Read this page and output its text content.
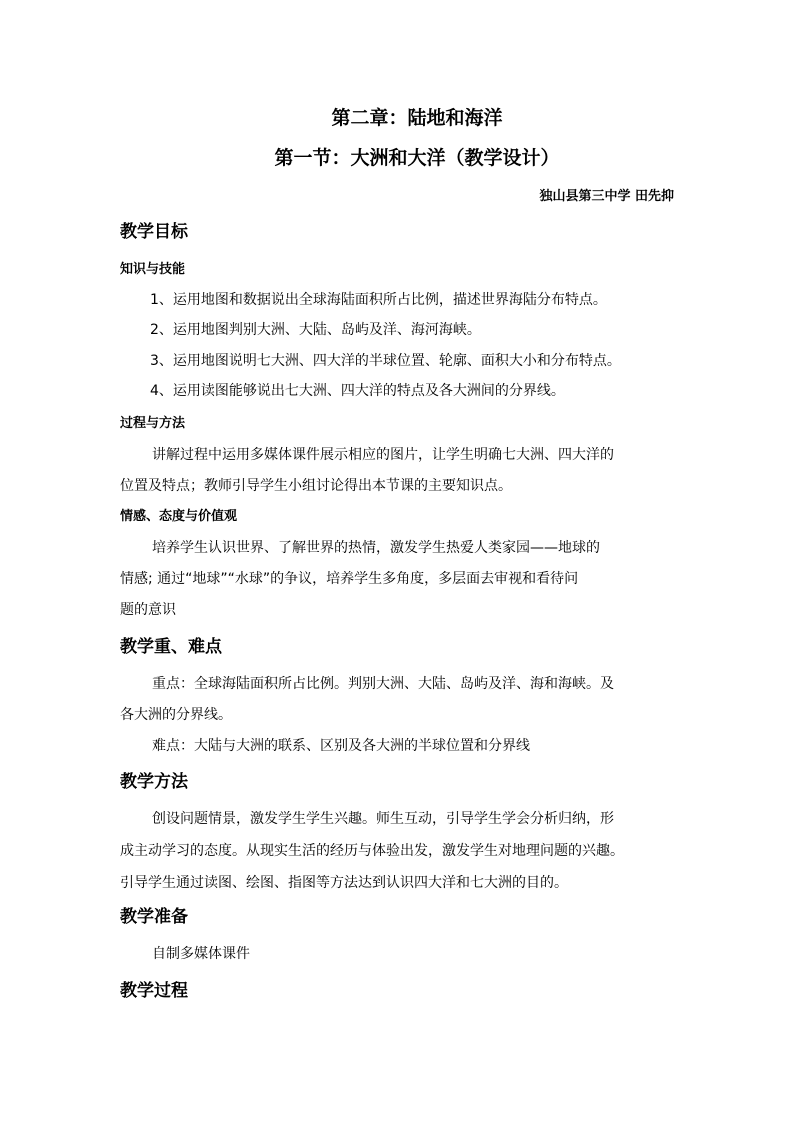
第二章：陆地和海洋
第一节：大洲和大洋（教学设计）
独山县第三中学 田先抑
教学目标
知识与技能
1、运用地图和数据说出全球海陆面积所占比例，描述世界海陆分布特点。
2、运用地图判别大洲、大陆、岛屿及洋、海河海峡。
3、运用地图说明七大洲、四大洋的半球位置、轮廓、面积大小和分布特点。
4、运用读图能够说出七大洲、四大洋的特点及各大洲间的分界线。
过程与方法
讲解过程中运用多媒体课件展示相应的图片，让学生明确七大洲、四大洋的
位置及特点；教师引导学生小组讨论得出本节课的主要知识点。
情感、态度与价值观
培养学生认识世界、了解世界的热情，激发学生热爱人类家园——地球的
情感; 通过“地球”“水球”的争议，培养学生多角度，多层面去审视和看待问
题的意识
教学重、难点
重点：全球海陆面积所占比例。判别大洲、大陆、岛屿及洋、海和海峡。及
各大洲的分界线。
难点：大陆与大洲的联系、区别及各大洲的半球位置和分界线
教学方法
创设问题情景，激发学生学生兴趣。师生互动，引导学生学会分析归纳，形
成主动学习的态度。从现实生活的经历与体验出发，激发学生对地理问题的兴趣。
引导学生通过读图、绘图、指图等方法达到认识四大洋和七大洲的目的。
教学准备
自制多媒体课件
教学过程
